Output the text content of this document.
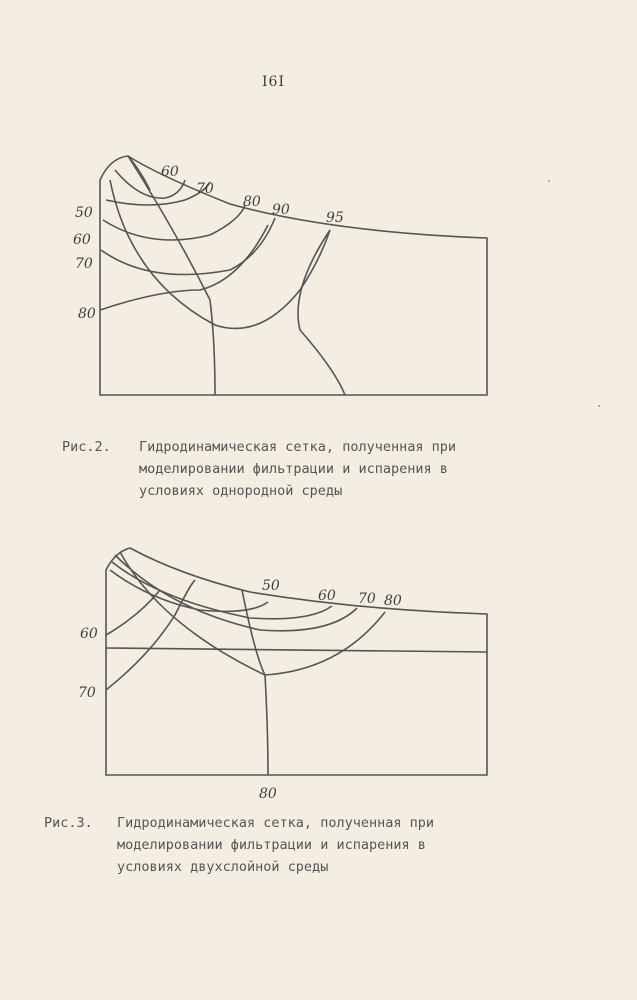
I6I
60
70
80 90	95
50
60
70
80
Рис.2. Гидродинамическая сетка, полученная при
моделировании фильтрации и испарения в
условиях однородной среды
50
60 70 80
60
70
80
Рис.3. Гидродинамическая сетка, полученная при
моделировании фильтрации и испарения в
условиях двухслойной среды
